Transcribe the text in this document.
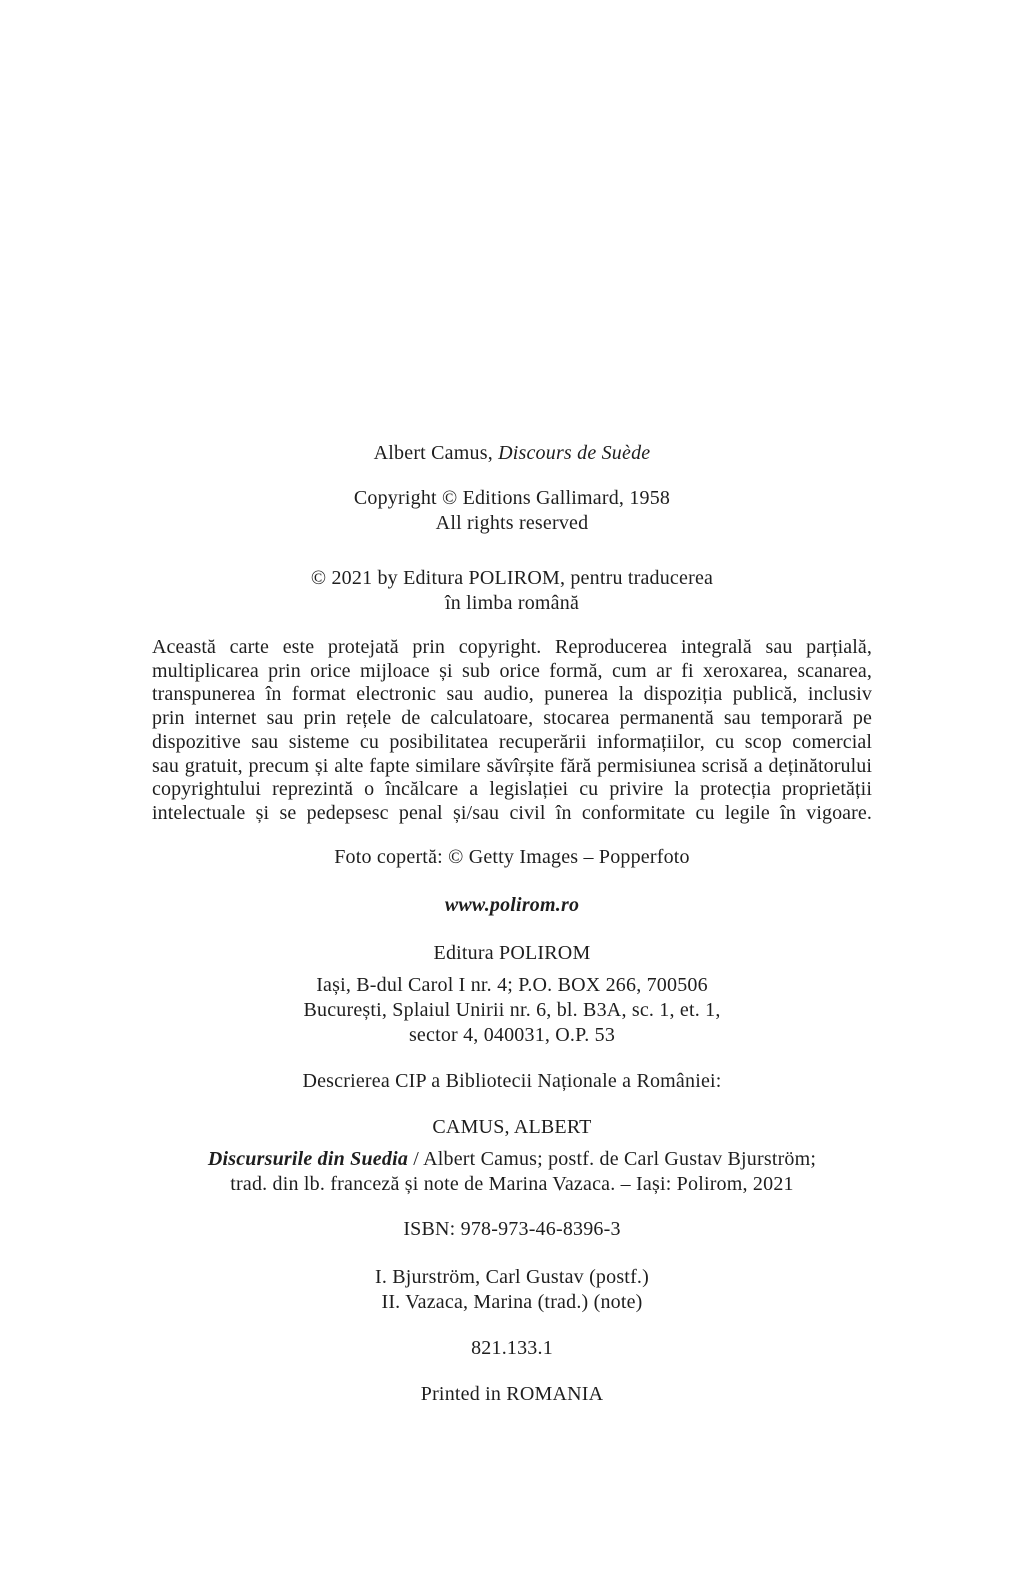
Albert Camus, Discours de Suède
Copyright © Editions Gallimard, 1958
All rights reserved
© 2021 by Editura POLIROM, pentru traducerea
în limba română
Această carte este protejată prin copyright. Reproducerea integrală sau parțială,
multiplicarea prin orice mijloace și sub orice formă, cum ar fi xeroxarea, scanarea,
transpunerea în format electronic sau audio, punerea la dispoziția publică, inclusiv
prin internet sau prin rețele de calculatoare, stocarea permanentă sau temporară pe
dispozitive sau sisteme cu posibilitatea recuperării informațiilor, cu scop comercial
sau gratuit, precum și alte fapte similare săvîrșite fără permisiunea scrisă a deținătorului
copyrightului reprezintă o încălcare a legislației cu privire la protecția proprietății
intelectuale și se pedepsesc penal și/sau civil în conformitate cu legile în vigoare.
Foto copertă: © Getty Images – Popperfoto
www.polirom.ro
Editura POLIROM
Iași, B-dul Carol I nr. 4; P.O. BOX 266, 700506
București, Splaiul Unirii nr. 6, bl. B3A, sc. 1, et. 1,
sector 4, 040031, O.P. 53
Descrierea CIP a Bibliotecii Naționale a României:
CAMUS, ALBERT
Discursurile din Suedia / Albert Camus; postf. de Carl Gustav Bjurström;
trad. din lb. franceză și note de Marina Vazaca. – Iași: Polirom, 2021
ISBN: 978-973-46-8396-3
I. Bjurström, Carl Gustav (postf.)
II. Vazaca, Marina (trad.) (note)
821.133.1
Printed in ROMANIA
